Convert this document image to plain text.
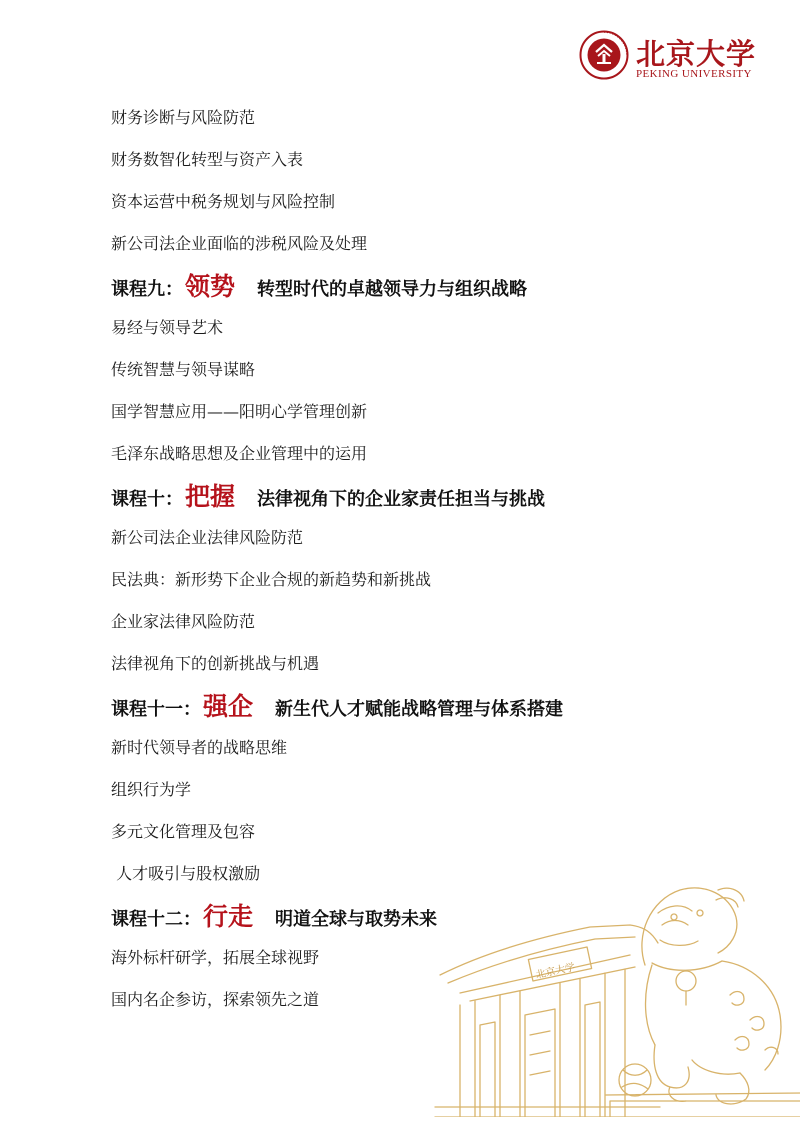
北京大学
PEKING UNIVERSITY
财务诊断与风险防范
财务数智化转型与资产入表
资本运营中税务规划与风险控制
新公司法企业面临的涉税风险及处理
课程九：领势 转型时代的卓越领导力与组织战略
易经与领导艺术
传统智慧与领导谋略
国学智慧应用——阳明心学管理创新
毛泽东战略思想及企业管理中的运用
课程十：把握 法律视角下的企业家责任担当与挑战
新公司法企业法律风险防范
民法典：新形势下企业合规的新趋势和新挑战
企业家法律风险防范
法律视角下的创新挑战与机遇
课程十一：强企 新生代人才赋能战略管理与体系搭建
新时代领导者的战略思维
组织行为学
多元文化管理及包容
人才吸引与股权激励
课程十二：行走 明道全球与取势未来
海外标杆研学，拓展全球视野
国内名企参访，探索领先之道
北京大学
